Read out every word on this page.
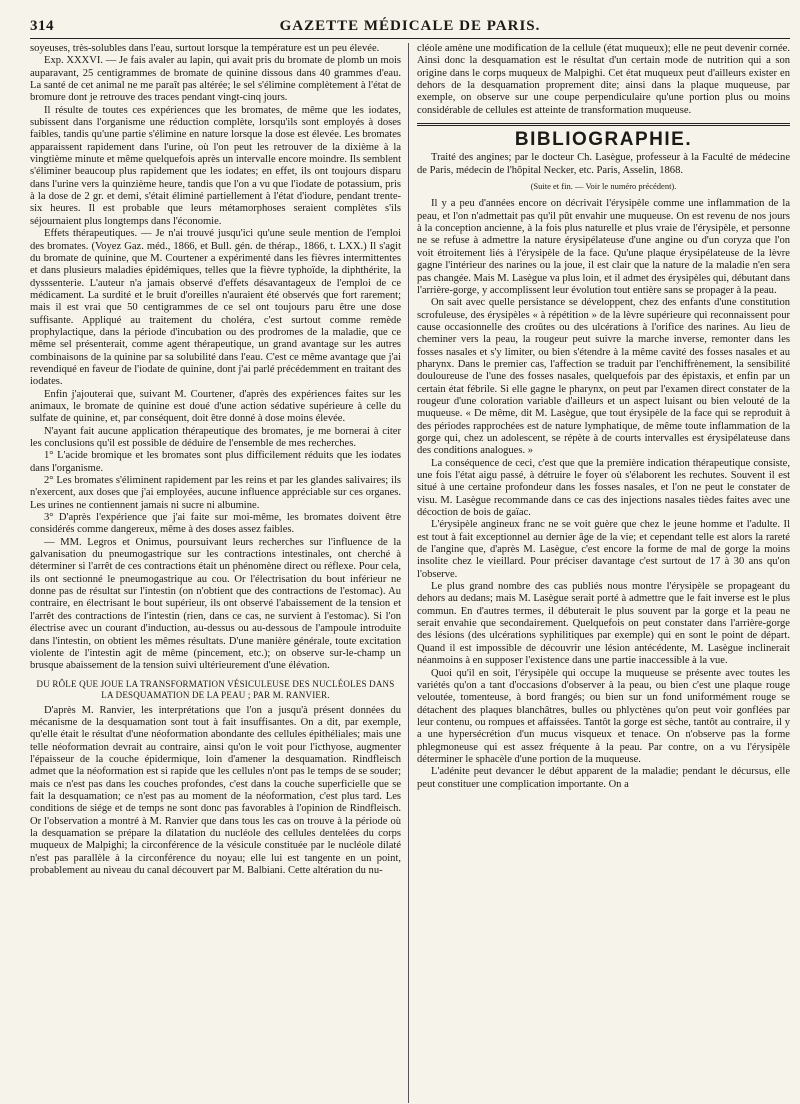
314	GAZETTE MÉDICALE DE PARIS.

soyeuses, très-solubles dans l'eau, surtout lorsque la température est un peu élevée.

Exp. XXXVI. — Je fais avaler au lapin, qui avait pris du bromate de plomb un mois auparavant, 25 centigrammes de bromate de quinine dissous dans 40 grammes d'eau. La santé de cet animal ne me paraît pas altérée; le sel s'élimine complètement à l'état de bromure dont je retrouve des traces pendant vingt-cinq jours.

Il résulte de toutes ces expériences que les bromates, de même que les iodates, subissent dans l'organisme une réduction complète, lorsqu'ils sont employés à doses faibles, tandis qu'une partie s'élimine en nature lorsque la dose est élevée. Les bromates apparaissent rapidement dans l'urine, où l'on peut les retrouver de la dixième à la vingtième minute et même quelquefois après un intervalle encore moindre. Ils semblent s'éliminer beaucoup plus rapidement que les iodates; en effet, ils ont toujours disparu dans l'urine vers la quinzième heure, tandis que l'on a vu que l'iodate de potassium, pris à la dose de 2 gr. et demi, s'était éliminé partiellement à l'état d'iodure, pendant trente-six heures. Il est probable que leurs métamorphoses seraient complètes s'ils séjournaient plus longtemps dans l'économie.

Effets thérapeutiques. — Je n'ai trouvé jusqu'ici qu'une seule mention de l'emploi des bromates. (Voyez Gaz. méd., 1866, et Bull. gén. de thérap., 1866, t. LXX.) Il s'agit du bromate de quinine, que M. Courtener a expérimenté dans les fièvres intermittentes et dans plusieurs maladies épidémiques, telles que la fièvre typhoïde, la diphthérite, la dysssenterie. L'auteur n'a jamais observé d'effets désavantageux de l'emploi de ce médicament. La surdité et le bruit d'oreilles n'auraient été observés que fort rarement; mais il est vrai que 50 centigrammes de ce sel ont toujours paru être une dose suffisante. Appliqué au traitement du choléra, c'est surtout comme remède prophylactique, dans la période d'incubation ou des prodromes de la maladie, que ce même sel présenterait, comme agent thérapeutique, un grand avantage sur les autres combinaisons de la quinine par sa solubilité dans l'eau. C'est ce même avantage que j'ai revendiqué en faveur de l'iodate de quinine, dont j'ai parlé précédemment en traitant des iodates.

Enfin j'ajouterai que, suivant M. Courtener, d'après des expériences faites sur les animaux, le bromate de quinine est doué d'une action sédative supérieure à celle du sulfate de quinine, et, par conséquent, doit être donné à dose moins élevée.

N'ayant fait aucune application thérapeutique des bromates, je me bornerai à citer les conclusions qu'il est possible de déduire de l'ensemble de mes recherches.

1° L'acide bromique et les bromates sont plus difficilement réduits que les iodates dans l'organisme.

2° Les bromates s'éliminent rapidement par les reins et par les glandes salivaires; ils n'exercent, aux doses que j'ai employées, aucune influence appréciable sur ces organes. Les urines ne contiennent jamais ni sucre ni albumine.

3° D'après l'expérience que j'ai faite sur moi-même, les bromates doivent être considérés comme dangereux, même à des doses assez faibles.

— MM. Legros et Onimus, poursuivant leurs recherches sur l'influence de la galvanisation du pneumogastrique sur les contractions intestinales, ont cherché à déterminer si l'arrêt de ces contractions était un phénomène direct ou réflexe. Pour cela, ils ont sectionné le pneumogastrique au cou. Or l'électrisation du bout inférieur ne donne pas de résultat sur l'intestin (on n'obtient que des contractions de l'estomac). Au contraire, en électrisant le bout supérieur, ils ont observé l'abaissement de la tension et l'arrêt des contractions de l'intestin (rien, dans ce cas, ne survient à l'estomac). Si l'on électrise avec un courant d'induction, au-dessus ou au-dessous de l'ampoule introduite dans l'intestin, on obtient les mêmes résultats. D'une manière générale, toute excitation violente de l'intestin agit de même (pincement, etc.); on observe sur-le-champ un brusque abaissement de la tension suivi ultérieurement d'une élévation.

DU RÔLE QUE JOUE LA TRANSFORMATION VÉSICULEUSE DES NUCLÉOLES DANS LA DESQUAMATION DE LA PEAU ; PAR M. RANVIER.

D'après M. Ranvier, les interprétations que l'on a jusqu'à présent données du mécanisme de la desquamation sont tout à fait insuffisantes. On a dit, par exemple, qu'elle était le résultat d'une néoformation abondante des cellules épithéliales; mais une telle néoformation devrait au contraire, ainsi qu'on le voit pour l'icthyose, augmenter l'épaisseur de la couche épidermique, loin d'amener la desquamation. Rindfleisch admet que la néoformation est si rapide que les cellules n'ont pas le temps de se souder; mais ce n'est pas dans les couches profondes, c'est dans la couche superficielle que se fait la desquamation; ce n'est pas au moment de la néoformation, c'est plus tard. Les conditions de siége et de temps ne sont donc pas favorables à l'opinion de Rindfleisch. Or l'observation a montré à M. Ranvier que dans tous les cas on trouve à la période où la desquamation se prépare la dilatation du nucléole des cellules dentelées du corps muqueux de Malpighi; la circonférence de la vésicule constituée par le nucléole dilaté n'est pas parallèle à la circonférence du noyau; elle lui est tangente en un point, probablement au niveau du canal découvert par M. Balbiani. Cette altération du nu-

cléole amène une modification de la cellule (état muqueux); elle ne peut devenir cornée. Ainsi donc la desquamation est le résultat d'un certain mode de nutrition qui a son origine dans le corps muqueux de Malpighi. Cet état muqueux peut d'ailleurs exister en dehors de la desquamation proprement dite; ainsi dans la plaque muqueuse, par exemple, on observe sur une coupe perpendiculaire qu'une portion plus ou moins considérable de cellules est atteinte de transformation muqueuse.

BIBLIOGRAPHIE.

Traité des angines; par le docteur Ch. Lasègue, professeur à la Faculté de médecine de Paris, médecin de l'hôpital Necker, etc. Paris, Asselin, 1868.

(Suite et fin. — Voir le numéro précédent).

Il y a peu d'années encore on décrivait l'érysipèle comme une inflammation de la peau, et l'on n'admettait pas qu'il pût envahir une muqueuse. On est revenu de nos jours à la conception ancienne, à la fois plus naturelle et plus vraie de l'érysipèle, et personne ne se refuse à admettre la nature érysipélateuse d'une angine ou d'un coryza que l'on voit étroitement liés à l'érysipèle de la face. Qu'une plaque érysipélateuse de la lèvre gagne l'intérieur des narines ou la joue, il est clair que la nature de la maladie n'en sera pas changée. Mais M. Lasègue va plus loin, et il admet des érysipèles qui, débutant dans l'arrière-gorge, y accomplissent leur évolution tout entière sans se propager à la peau.

On sait avec quelle persistance se développent, chez des enfants d'une constitution scrofuleuse, des érysipèles « à répétition » de la lèvre supérieure qui reconnaissent pour cause occasionnelle des croûtes ou des ulcérations à l'orifice des narines. Au lieu de cheminer vers la peau, la rougeur peut suivre la marche inverse, remonter dans les fosses nasales et s'y limiter, ou bien s'étendre à la même cavité des fosses nasales et au pharynx. Dans le premier cas, l'affection se traduit par l'enchiffrènement, la sensibilité douloureuse de l'une des fosses nasales, quelquefois par des épistaxis, et enfin par un certain état fébrile. Si elle gagne le pharynx, on peut par l'examen direct constater de la rougeur d'une coloration variable d'ailleurs et un aspect luisant ou bien velouté de la muqueuse. « De même, dit M. Lasègue, que tout érysipèle de la face qui se reproduit à des périodes rapprochées est de nature lymphatique, de même toute inflammation de la gorge qui, chez un adolescent, se répète à de courts intervalles est érysipélateuse dans des conditions analogues. »

La conséquence de ceci, c'est que que la première indication thérapeutique consiste, une fois l'état aigu passé, à détruire le foyer où s'élaborent les rechutes. Souvent il est situé à une certaine profondeur dans les fosses nasales, et l'on ne peut le constater de visu. M. Lasègue recommande dans ce cas des injections nasales tièdes faites avec une décoction de bois de gaïac.

L'érysipèle angineux franc ne se voit guère que chez le jeune homme et l'adulte. Il est tout à fait exceptionnel au dernier âge de la vie; et cependant telle est alors la rareté de l'angine que, d'après M. Lasègue, c'est encore la forme de mal de gorge la moins insolite chez le vieillard. Pour préciser davantage c'est surtout de 17 à 30 ans qu'on l'observe.

Le plus grand nombre des cas publiés nous montre l'érysipèle se propageant du dehors au dedans; mais M. Lasègue serait porté à admettre que le fait inverse est le plus commun. En d'autres termes, il débuterait le plus souvent par la gorge et la peau ne serait envahie que secondairement. Quelquefois on peut constater dans l'arrière-gorge des lésions (des ulcérations syphilitiques par exemple) qui en sont le point de départ. Quand il est impossible de découvrir une lésion antécédente, M. Lasègue inclinerait néanmoins à en supposer l'existence dans une partie inaccessible à la vue.

Quoi qu'il en soit, l'érysipèle qui occupe la muqueuse se présente avec toutes les variétés qu'on a tant d'occasions d'observer à la peau, ou bien c'est une plaque rouge veloutée, tomenteuse, à bord frangés; ou bien sur un fond uniformément rouge se détachent des plaques blanchâtres, bulles ou phlyctènes qu'on peut voir gonflées par leur contenu, ou rompues et affaissées. Tantôt la gorge est sèche, tantôt au contraire, il y a une hypersécrétion d'un mucus visqueux et tenace. On n'observe pas la forme phlegmoneuse qui est assez fréquente à la peau. Par contre, on a vu l'érysipèle déterminer le sphacèle d'une portion de la muqueuse.

L'adénite peut devancer le début apparent de la maladie; pendant le décursus, elle peut constituer une complication importante. On a
